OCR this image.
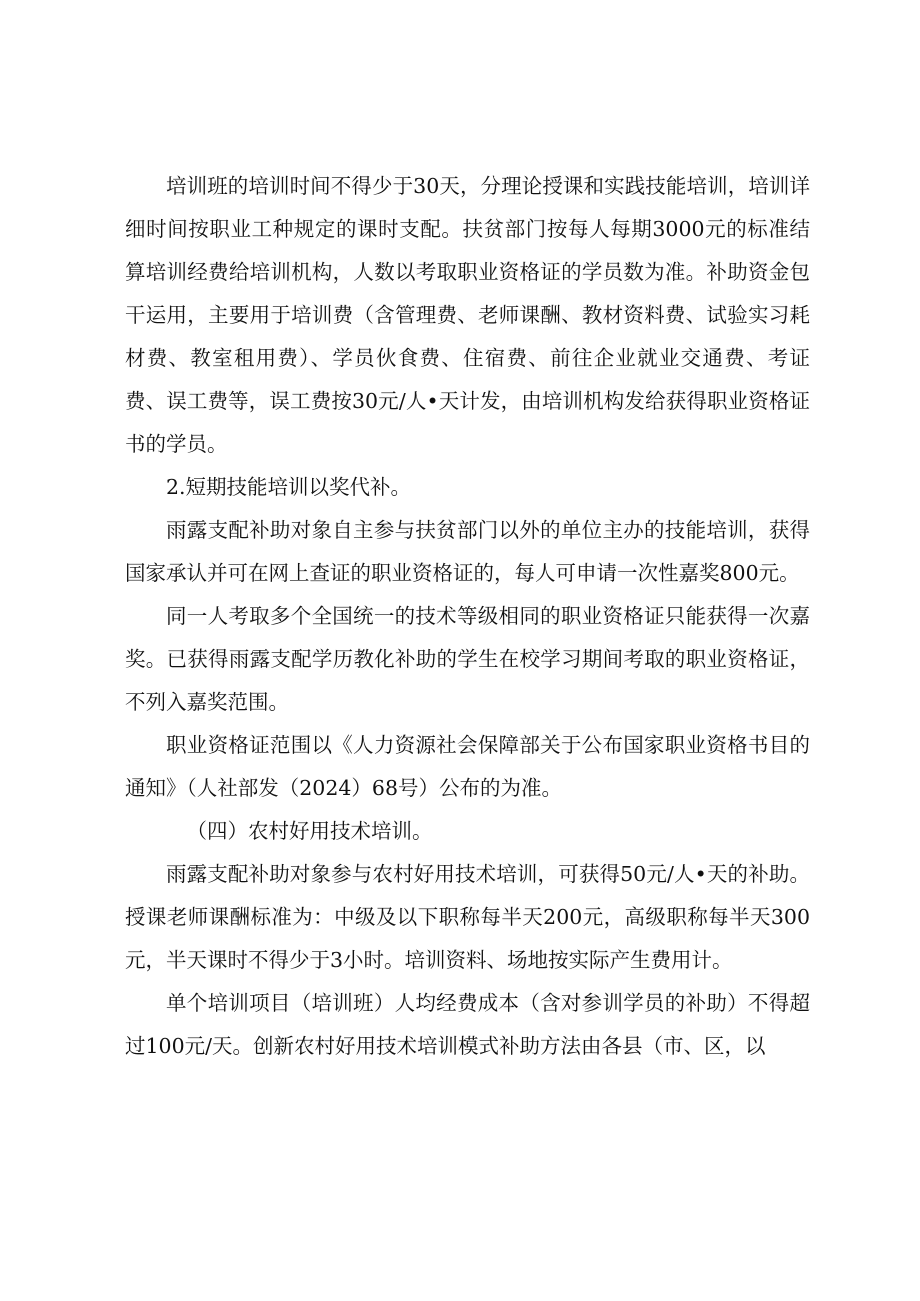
培训班的培训时间不得少于30天，分理论授课和实践技能培训，培训详细时间按职业工种规定的课时支配。扶贫部门按每人每期3000元的标准结算培训经费给培训机构，人数以考取职业资格证的学员数为准。补助资金包干运用，主要用于培训费（含管理费、老师课酬、教材资料费、试验实习耗材费、教室租用费）、学员伙食费、住宿费、前往企业就业交通费、考证费、误工费等，误工费按30元/人•天计发，由培训机构发给获得职业资格证书的学员。

2.短期技能培训以奖代补。

雨露支配补助对象自主参与扶贫部门以外的单位主办的技能培训，获得国家承认并可在网上查证的职业资格证的，每人可申请一次性嘉奖800元。

同一人考取多个全国统一的技术等级相同的职业资格证只能获得一次嘉奖。已获得雨露支配学历教化补助的学生在校学习期间考取的职业资格证，不列入嘉奖范围。

职业资格证范围以《人力资源社会保障部关于公布国家职业资格书目的通知》（人社部发（2024）68号）公布的为准。

（四）农村好用技术培训。

雨露支配补助对象参与农村好用技术培训，可获得50元/人•天的补助。授课老师课酬标准为：中级及以下职称每半天200元，高级职称每半天300元，半天课时不得少于3小时。培训资料、场地按实际产生费用计。

单个培训项目（培训班）人均经费成本（含对参训学员的补助）不得超过100元/天。创新农村好用技术培训模式补助方法由各县（市、区，以
